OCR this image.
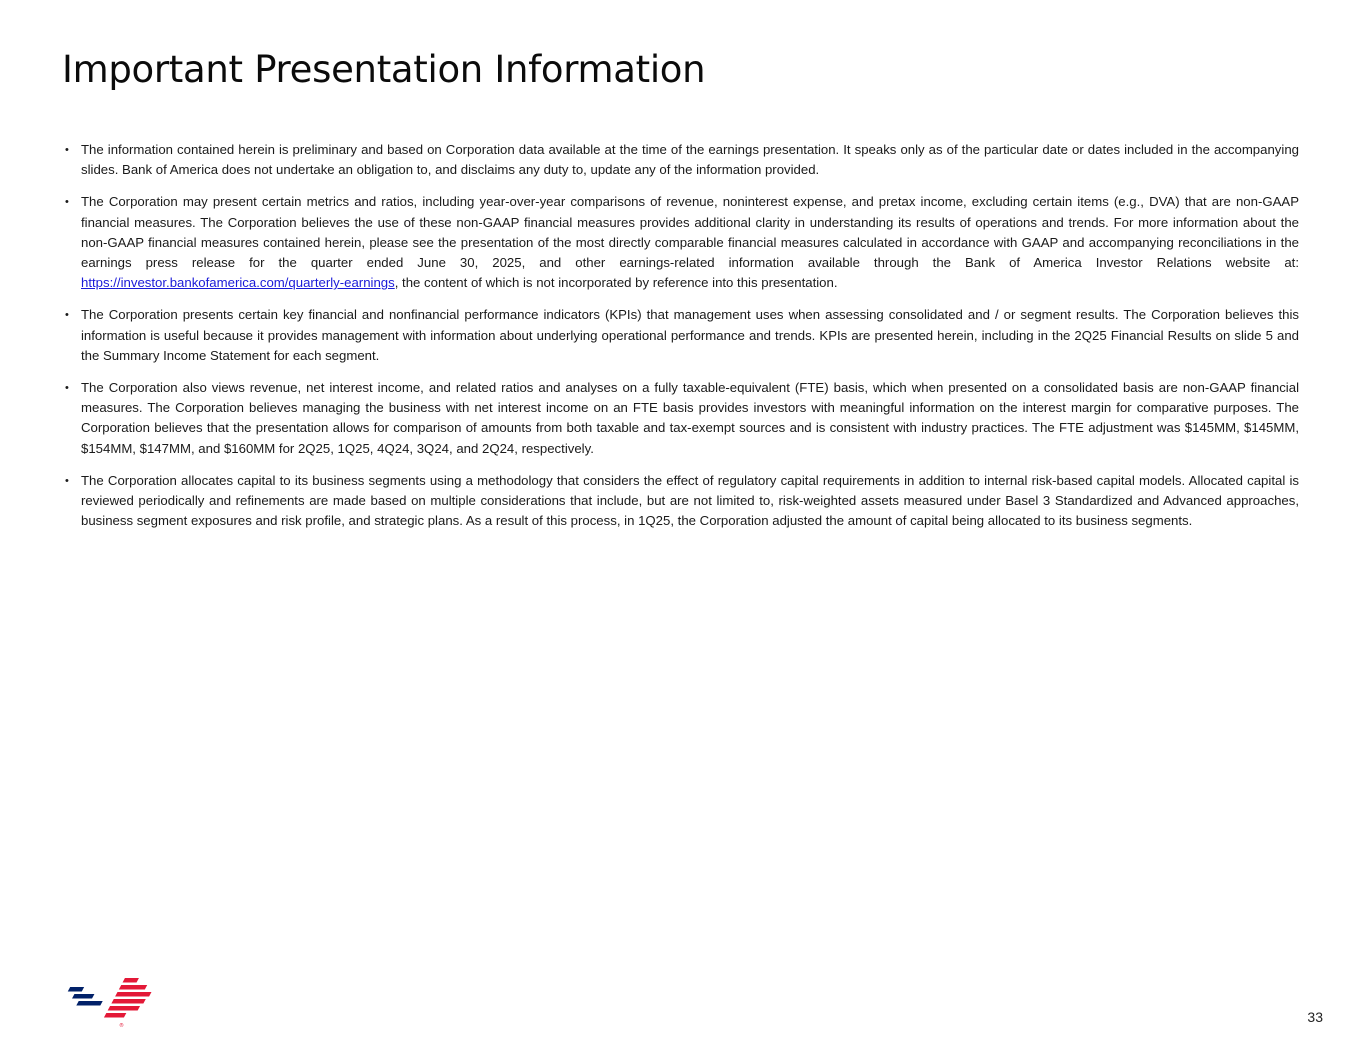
Important Presentation Information
• The information contained herein is preliminary and based on Corporation data available at the time of the earnings presentation. It speaks only as of the particular date or dates included in the accompanying slides. Bank of America does not undertake an obligation to, and disclaims any duty to, update any of the information provided.
• The Corporation may present certain metrics and ratios, including year-over-year comparisons of revenue, noninterest expense, and pretax income, excluding certain items (e.g., DVA) that are non-GAAP financial measures. The Corporation believes the use of these non-GAAP financial measures provides additional clarity in understanding its results of operations and trends. For more information about the non-GAAP financial measures contained herein, please see the presentation of the most directly comparable financial measures calculated in accordance with GAAP and accompanying reconciliations in the earnings press release for the quarter ended June 30, 2025, and other earnings-related information available through the Bank of America Investor Relations website at: https://investor.bankofamerica.com/quarterly-earnings, the content of which is not incorporated by reference into this presentation.
• The Corporation presents certain key financial and nonfinancial performance indicators (KPIs) that management uses when assessing consolidated and / or segment results. The Corporation believes this information is useful because it provides management with information about underlying operational performance and trends. KPIs are presented herein, including in the 2Q25 Financial Results on slide 5 and the Summary Income Statement for each segment.
• The Corporation also views revenue, net interest income, and related ratios and analyses on a fully taxable-equivalent (FTE) basis, which when presented on a consolidated basis are non-GAAP financial measures. The Corporation believes managing the business with net interest income on an FTE basis provides investors with meaningful information on the interest margin for comparative purposes. The Corporation believes that the presentation allows for comparison of amounts from both taxable and tax-exempt sources and is consistent with industry practices. The FTE adjustment was $145MM, $145MM, $154MM, $147MM, and $160MM for 2Q25, 1Q25, 4Q24, 3Q24, and 2Q24, respectively.
• The Corporation allocates capital to its business segments using a methodology that considers the effect of regulatory capital requirements in addition to internal risk-based capital models. Allocated capital is reviewed periodically and refinements are made based on multiple considerations that include, but are not limited to, risk-weighted assets measured under Basel 3 Standardized and Advanced approaches, business segment exposures and risk profile, and strategic plans. As a result of this process, in 1Q25, the Corporation adjusted the amount of capital being allocated to its business segments.
®
33
